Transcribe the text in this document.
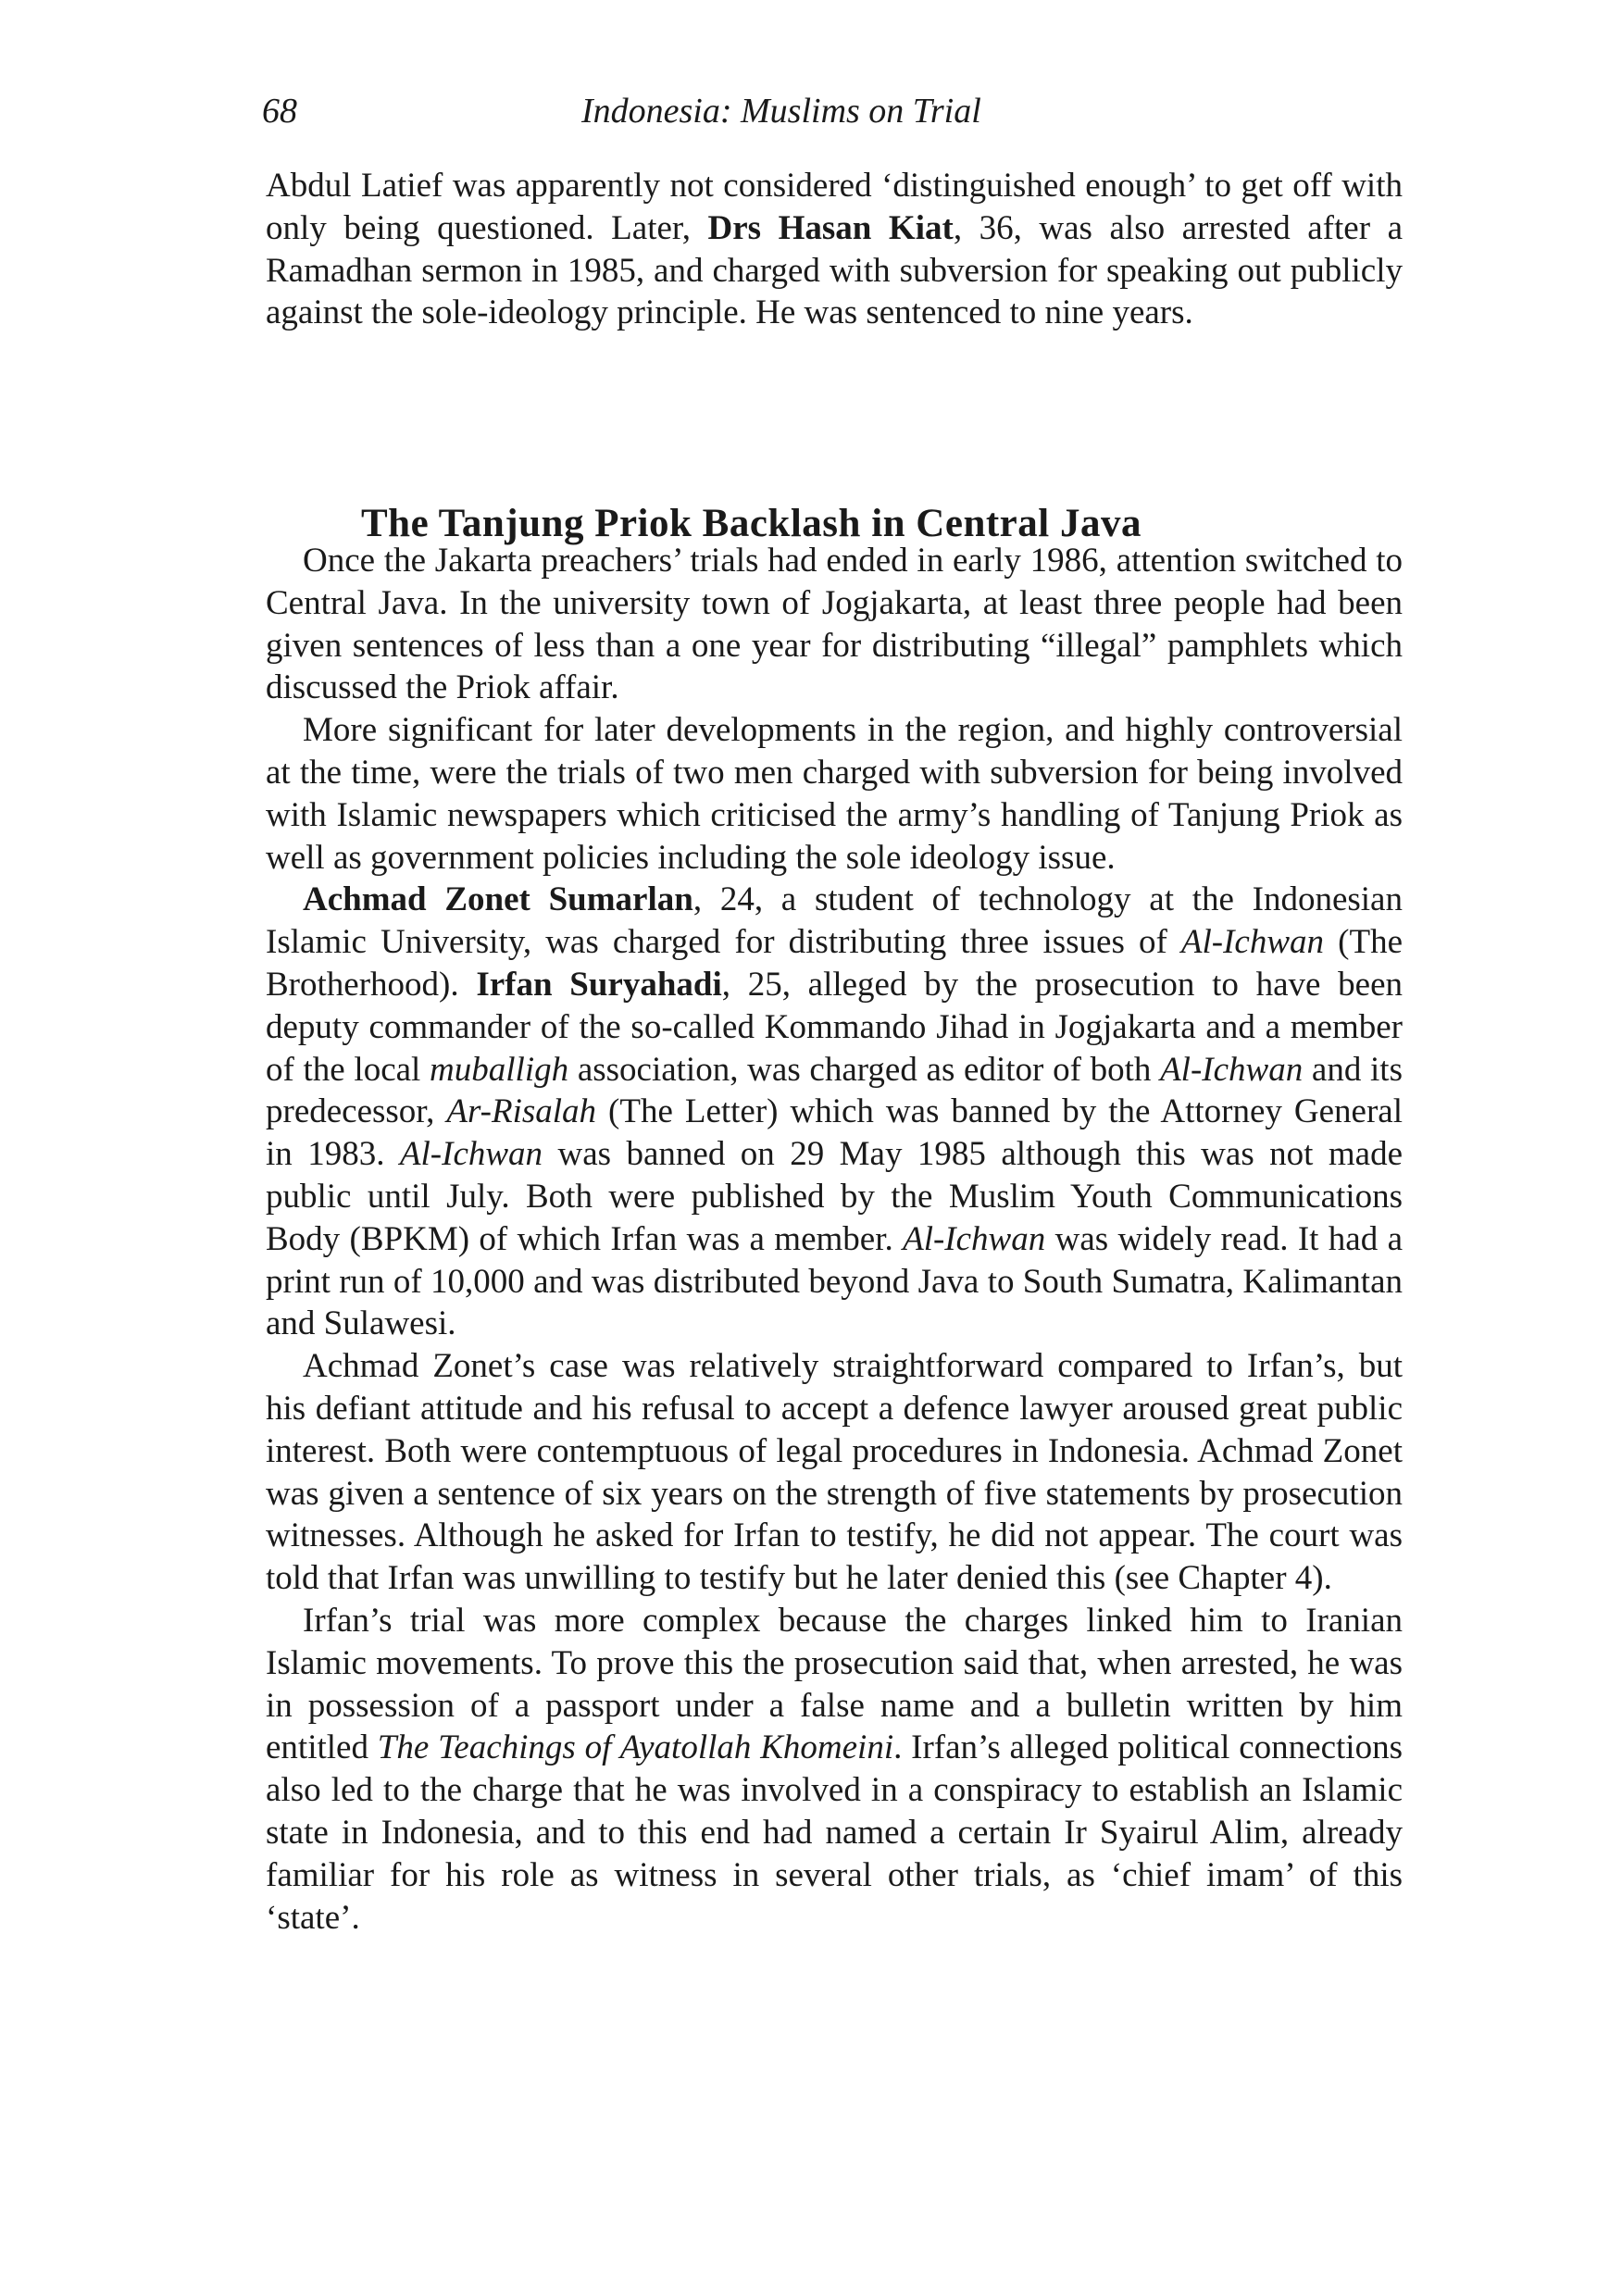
68	Indonesia: Muslims on Trial

Abdul Latief was apparently not considered ‘distinguished enough’ to get off with only being questioned. Later, Drs Hasan Kiat, 36, was also arrested after a Ramadhan sermon in 1985, and charged with subversion for speaking out publicly against the sole-ideology principle. He was sentenced to nine years.

The Tanjung Priok Backlash in Central Java

Once the Jakarta preachers’ trials had ended in early 1986, attention switched to Central Java. In the university town of Jogjakarta, at least three people had been given sentences of less than a one year for distributing “illegal” pamphlets which discussed the Priok affair.

More significant for later developments in the region, and highly controversial at the time, were the trials of two men charged with subversion for being involved with Islamic newspapers which criticised the army’s handling of Tanjung Priok as well as government policies including the sole ideology issue.

Achmad Zonet Sumarlan, 24, a student of technology at the Indonesian Islamic University, was charged for distributing three issues of Al-Ichwan (The Brotherhood). Irfan Suryahadi, 25, alleged by the prosecution to have been deputy commander of the so-called Kommando Jihad in Jogjakarta and a member of the local muballigh association, was charged as editor of both Al-Ichwan and its predecessor, Ar-Risalah (The Letter) which was banned by the Attorney General in 1983. Al-Ichwan was banned on 29 May 1985 although this was not made public until July. Both were published by the Muslim Youth Communications Body (BPKM) of which Irfan was a member. Al-Ichwan was widely read. It had a print run of 10,000 and was distributed beyond Java to South Sumatra, Kalimantan and Sulawesi.

Achmad Zonet’s case was relatively straightforward compared to Irfan’s, but his defiant attitude and his refusal to accept a defence lawyer aroused great public interest. Both were contemptuous of legal procedures in Indonesia. Achmad Zonet was given a sentence of six years on the strength of five statements by prosecution witnesses. Although he asked for Irfan to testify, he did not appear. The court was told that Irfan was unwilling to testify but he later denied this (see Chapter 4).

Irfan’s trial was more complex because the charges linked him to Iranian Islamic movements. To prove this the prosecution said that, when arrested, he was in possession of a passport under a false name and a bulletin written by him entitled The Teachings of Ayatollah Khomeini. Irfan’s alleged political connections also led to the charge that he was involved in a conspiracy to establish an Islamic state in Indonesia, and to this end had named a certain Ir Syairul Alim, already familiar for his role as witness in several other trials, as ‘chief imam’ of this ‘state’.
